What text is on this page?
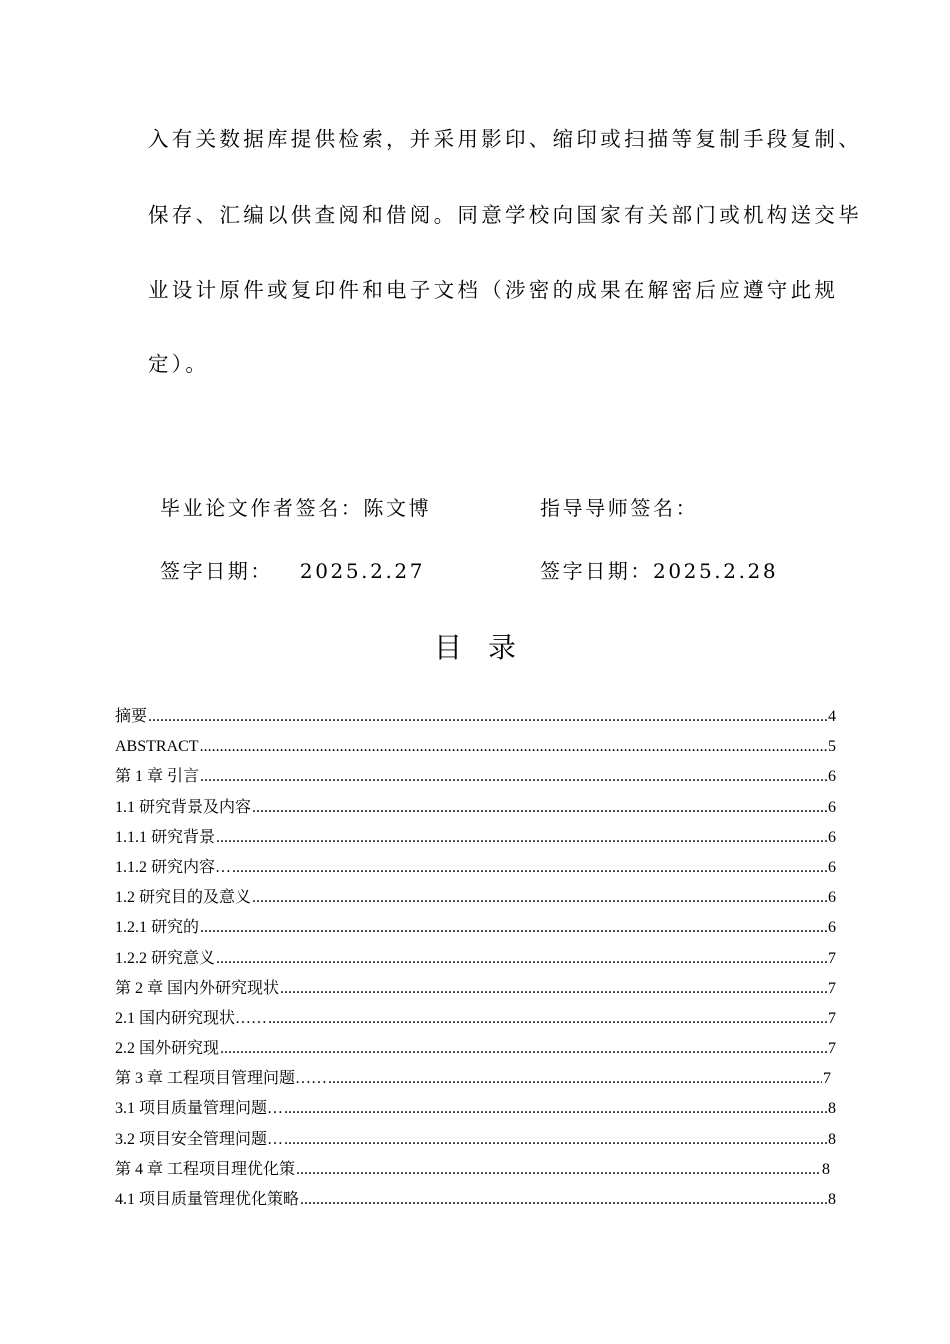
入有关数据库提供检索，并采用影印、缩印或扫描等复制手段复制、
保存、汇编以供查阅和借阅。同意学校向国家有关部门或机构送交毕
业设计原件或复印件和电子文档（涉密的成果在解密后应遵守此规
定）。
毕业论文作者签名：陈文博	指导导师签名：
签字日期：   2025.2.27	签字日期：2025.2.28
目录
摘要 .....	4
ABSTRACT .....	5
第 1 章 引言 .....	6
1.1 研究背景及内容 .....	6
1.1.1 研究背景 .....	6
1.1.2 研究内容… .....	6
1.2 研究目的及意义 .....	6
1.2.1 研究的 .....	6
1.2.2 研究意义 .....	7
第 2 章 国内外研究现状 .....	7
2.1 国内研究现状…… .....	7
2.2 国外研究现 .....	7
第 3 章 工程项目管理问题…… .....	7
3.1 项目质量管理问题… .....	8
3.2 项目安全管理问题… .....	8
第 4 章 工程项目理优化策 .....	8
4.1 项目质量管理优化策略 .....	8
